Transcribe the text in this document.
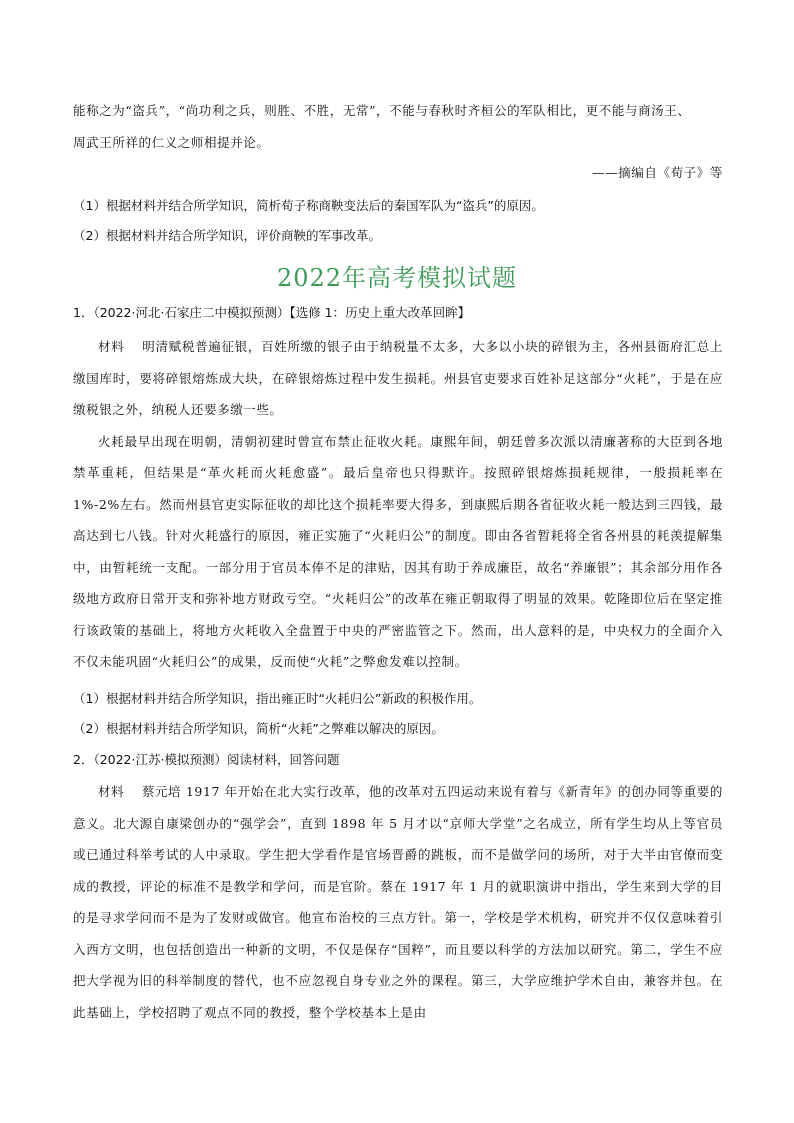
能称之为“盗兵”，“尚功利之兵，则胜、不胜，无常”，不能与春秋时齐桓公的军队相比，更不能与商汤王、
周武王所祥的仁义之师相提并论。
——摘编自《荀子》等
（1）根据材料并结合所学知识，简析荀子称商鞅变法后的秦国军队为“盗兵”的原因。
（2）根据材料并结合所学知识，评价商鞅的军事改革。
2022年高考模拟试题
1．（2022·河北·石家庄二中模拟预测）【选修 1：历史上重大改革回眸】

材料　 明清赋税普遍征银，百姓所缴的银子由于纳税量不太多，大多以小块的碎银为主，各州县衙府汇总上缴国库时，要将碎银熔炼成大块，在碎银熔炼过程中发生损耗。州县官吏要求百姓补足这部分“火耗”，于是在应缴税银之外，纳税人还要多缴一些。

火耗最早出现在明朝，清朝初建时曾宣布禁止征收火耗。康熙年间，朝廷曾多次派以清廉著称的大臣到各地禁革重耗，但结果是“革火耗而火耗愈盛”。最后皇帝也只得默许。按照碎银熔炼损耗规律，一般损耗率在1%-2%左右。然而州县官吏实际征收的却比这个损耗率要大得多，到康熙后期各省征收火耗一般达到三四钱，最高达到七八钱。针对火耗盛行的原因，雍正实施了“火耗归公”的制度。即由各省暂耗将全省各州县的耗羡提解集中，由暂耗统一支配。一部分用于官员本俸不足的津贴，因其有助于养成廉臣，故名“养廉银”；其余部分用作各级地方政府日常开支和弥补地方财政亏空。“火耗归公”的改革在雍正朝取得了明显的效果。乾隆即位后在坚定推行该政策的基础上，将地方火耗收入全盘置于中央的严密监管之下。然而，出人意料的是，中央权力的全面介入不仅未能巩固“火耗归公”的成果，反而使“火耗”之弊愈发难以控制。

（1）根据材料并结合所学知识，指出雍正时“火耗归公”新政的积极作用。
（2）根据材料并结合所学知识，简析“火耗”之弊难以解决的原因。
2．（2022·江苏·模拟预测）阅读材料，回答问题

材料　 蔡元培 1917 年开始在北大实行改革，他的改革对五四运动来说有着与《新青年》的创办同等重要的意义。北大源自康梁创办的“强学会”，直到 1898 年 5 月才以“京师大学堂”之名成立，所有学生均从上等官员或已通过科举考试的人中录取。学生把大学看作是官场晋爵的跳板，而不是做学问的场所，对于大半由官僚而变成的教授，评论的标准不是教学和学问，而是官阶。蔡在 1917 年 1 月的就职演讲中指出，学生来到大学的目的是寻求学问而不是为了发财或做官。他宣布治校的三点方针。第一，学校是学术机构，研究并不仅仅意味着引入西方文明，也包括创造出一种新的文明，不仅是保存“国粹”，而且要以科学的方法加以研究。第二，学生不应把大学视为旧的科举制度的替代，也不应忽视自身专业之外的课程。第三，大学应维护学术自由，兼容并包。在此基础上，学校招聘了观点不同的教授，整个学校基本上是由
